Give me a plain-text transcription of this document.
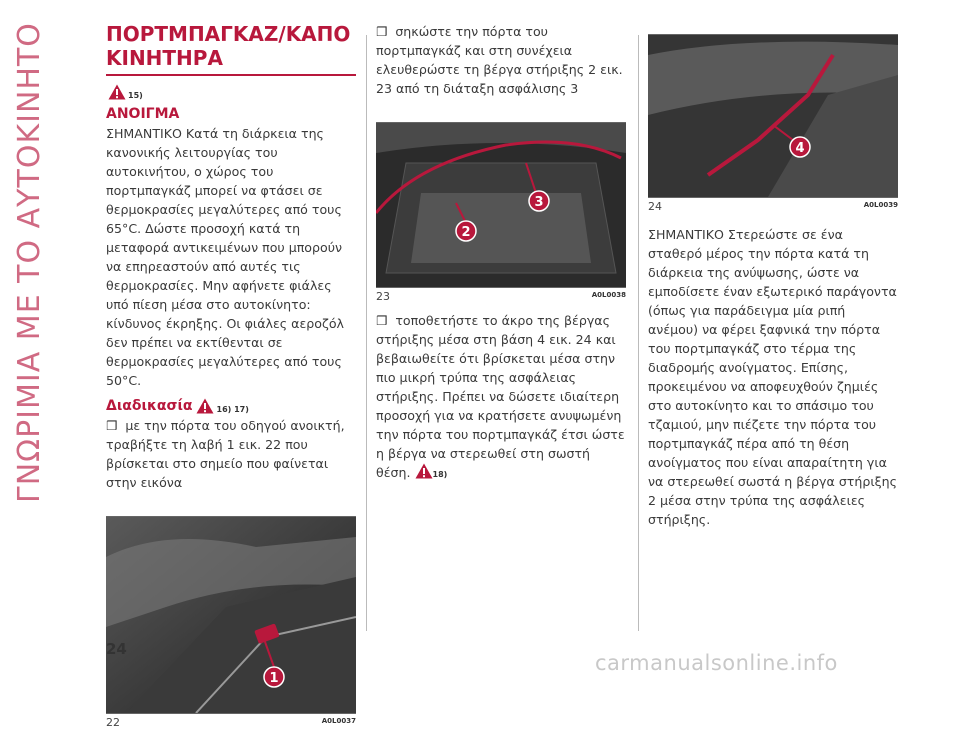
ΓΝΩΡΙΜΙΑ ΜΕ ΤΟ ΑΥΤΟΚΙΝΗΤΟ	ΠΟΡΤΜΠΑΓΚΑΖ/ΚΑΠΟ ΚΙΝΗΤΗΡΑ
15)
ΑΝΟΙΓΜΑ

ΣΗΜΑΝΤΙΚΟ Κατά τη διάρκεια της κανονικής λειτουργίας του αυτοκινήτου, ο χώρος του πορτμπαγκάζ μπορεί να φτάσει σε θερμοκρασίες μεγαλύτερες από τους 65°C. Δώστε προσοχή κατά τη μεταφορά αντικειμένων που μπορούν να επηρεαστούν από αυτές τις θερμοκρασίες. Μην αφήνετε φιάλες υπό πίεση μέσα στο αυτοκίνητο: κίνδυνος έκρηξης. Οι φιάλες αεροζόλ δεν πρέπει να εκτίθενται σε θερμοκρασίες μεγαλύτερες από τους 50°C.

Διαδικασία	16) 17)

❒ με την πόρτα του οδηγού ανοικτή, τραβήξτε τη λαβή 1 εικ. 22 που βρίσκεται στο σημείο που φαίνεται στην εικόνα

1
22	A0L0037

❒ σηκώστε την πόρτα του πορτμπαγκάζ και στη συνέχεια ελευθερώστε τη βέργα στήριξης 2 εικ. 23 από τη διάταξη ασφάλισης 3

2
3
23	A0L0038

❒ τοποθετήστε το άκρο της βέργας στήριξης μέσα στη βάση 4 εικ. 24 και βεβαιωθείτε ότι βρίσκεται μέσα στην πιο μικρή τρύπα της ασφάλειας στήριξης. Πρέπει να δώσετε ιδιαίτερη προσοχή για να κρατήσετε ανυψωμένη την πόρτα του πορτμπαγκάζ έτσι ώστε η βέργα να στερεωθεί στη σωστή θέση.	18)

4
24	A0L0039

ΣΗΜΑΝΤΙΚΟ Στερεώστε σε ένα σταθερό μέρος την πόρτα κατά τη διάρκεια της ανύψωσης, ώστε να εμποδίσετε έναν εξωτερικό παράγοντα (όπως για παράδειγμα μία ριπή ανέμου) να φέρει ξαφνικά την πόρτα του πορτμπαγκάζ στο τέρμα της διαδρομής ανοίγματος. Επίσης, προκειμένου να αποφευχθούν ζημιές στο αυτοκίνητο και το σπάσιμο του τζαμιού, μην πιέζετε την πόρτα του πορτμπαγκάζ πέρα από τη θέση ανοίγματος που είναι απαραίτητη για να στερεωθεί σωστά η βέργα στήριξης 2 μέσα στην τρύπα της ασφάλειες στήριξης.

24
carmanualsonline.info
